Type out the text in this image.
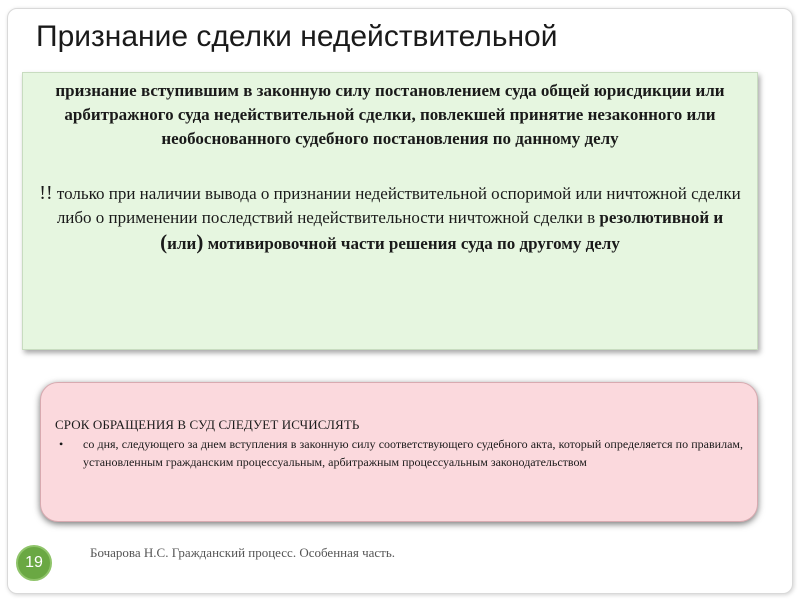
Признание сделки недействительной

признание вступившим в законную силу постановлением суда общей юрисдикции или арбитражного суда недействительной сделки, повлекшей принятие незаконного или необоснованного судебного постановления по данному делу

!! только при наличии вывода о признании недействительной оспоримой или ничтожной сделки либо о применении последствий недействительности ничтожной сделки в резолютивной и (или) мотивировочной части решения суда по другому делу

СРОК ОБРАЩЕНИЯ В СУД СЛЕДУЕТ ИСЧИСЛЯТЬ

• со дня, следующего за днем вступления в законную силу соответствующего судебного акта, который определяется по правилам, установленным гражданским процессуальным, арбитражным процессуальным законодательством
19
Бочарова Н.С. Гражданский процесс. Особенная часть.
